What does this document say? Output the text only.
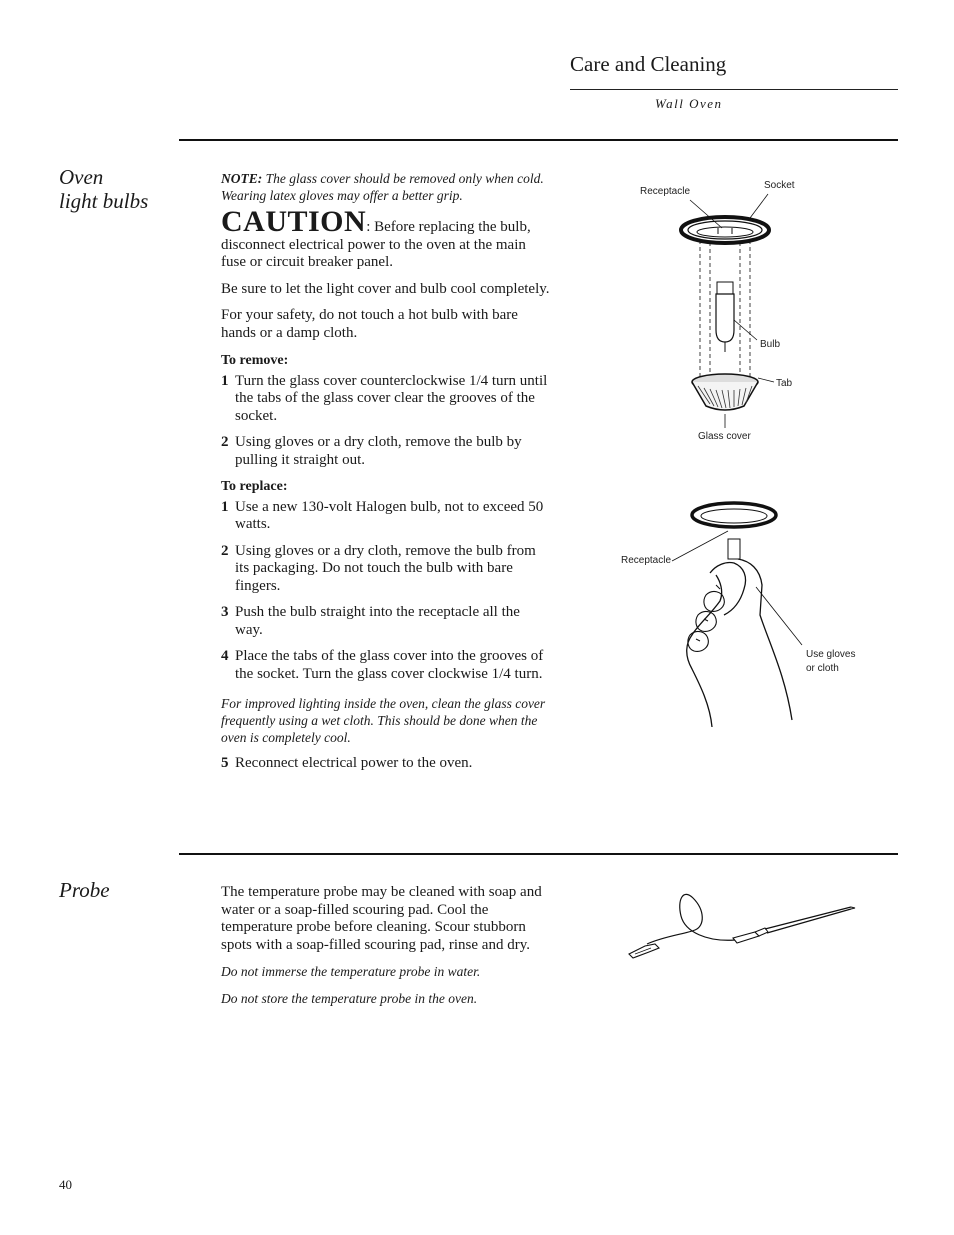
Care and Cleaning
Wall Oven
Oven
light bulbs
NOTE: The glass cover should be removed only when cold. Wearing latex gloves may offer a better grip.
CAUTION: Before replacing the bulb, disconnect electrical power to the oven at the main fuse or circuit breaker panel.
Be sure to let the light cover and bulb cool completely.
For your safety, do not touch a hot bulb with bare hands or a damp cloth.
To remove:
1 Turn the glass cover counterclockwise 1/4 turn until the tabs of the glass cover clear the grooves of the socket.
2 Using gloves or a dry cloth, remove the bulb by pulling it straight out.
To replace:
1 Use a new 130-volt Halogen bulb, not to exceed 50 watts.
2 Using gloves or a dry cloth, remove the bulb from its packaging. Do not touch the bulb with bare fingers.
3 Push the bulb straight into the receptacle all the way.
4 Place the tabs of the glass cover into the grooves of the socket. Turn the glass cover clockwise 1/4 turn.
For improved lighting inside the oven, clean the glass cover frequently using a wet cloth. This should be done when the oven is completely cool.
5 Reconnect electrical power to the oven.
Receptacle
Socket
Bulb
Tab
Glass cover
Receptacle
Use gloves
or cloth
Probe	The temperature probe may be cleaned with soap and water or a soap-filled scouring pad. Cool the temperature probe before cleaning. Scour stubborn spots with a soap-filled scouring pad, rinse and dry.
Do not immerse the temperature probe in water.
Do not store the temperature probe in the oven.
40
